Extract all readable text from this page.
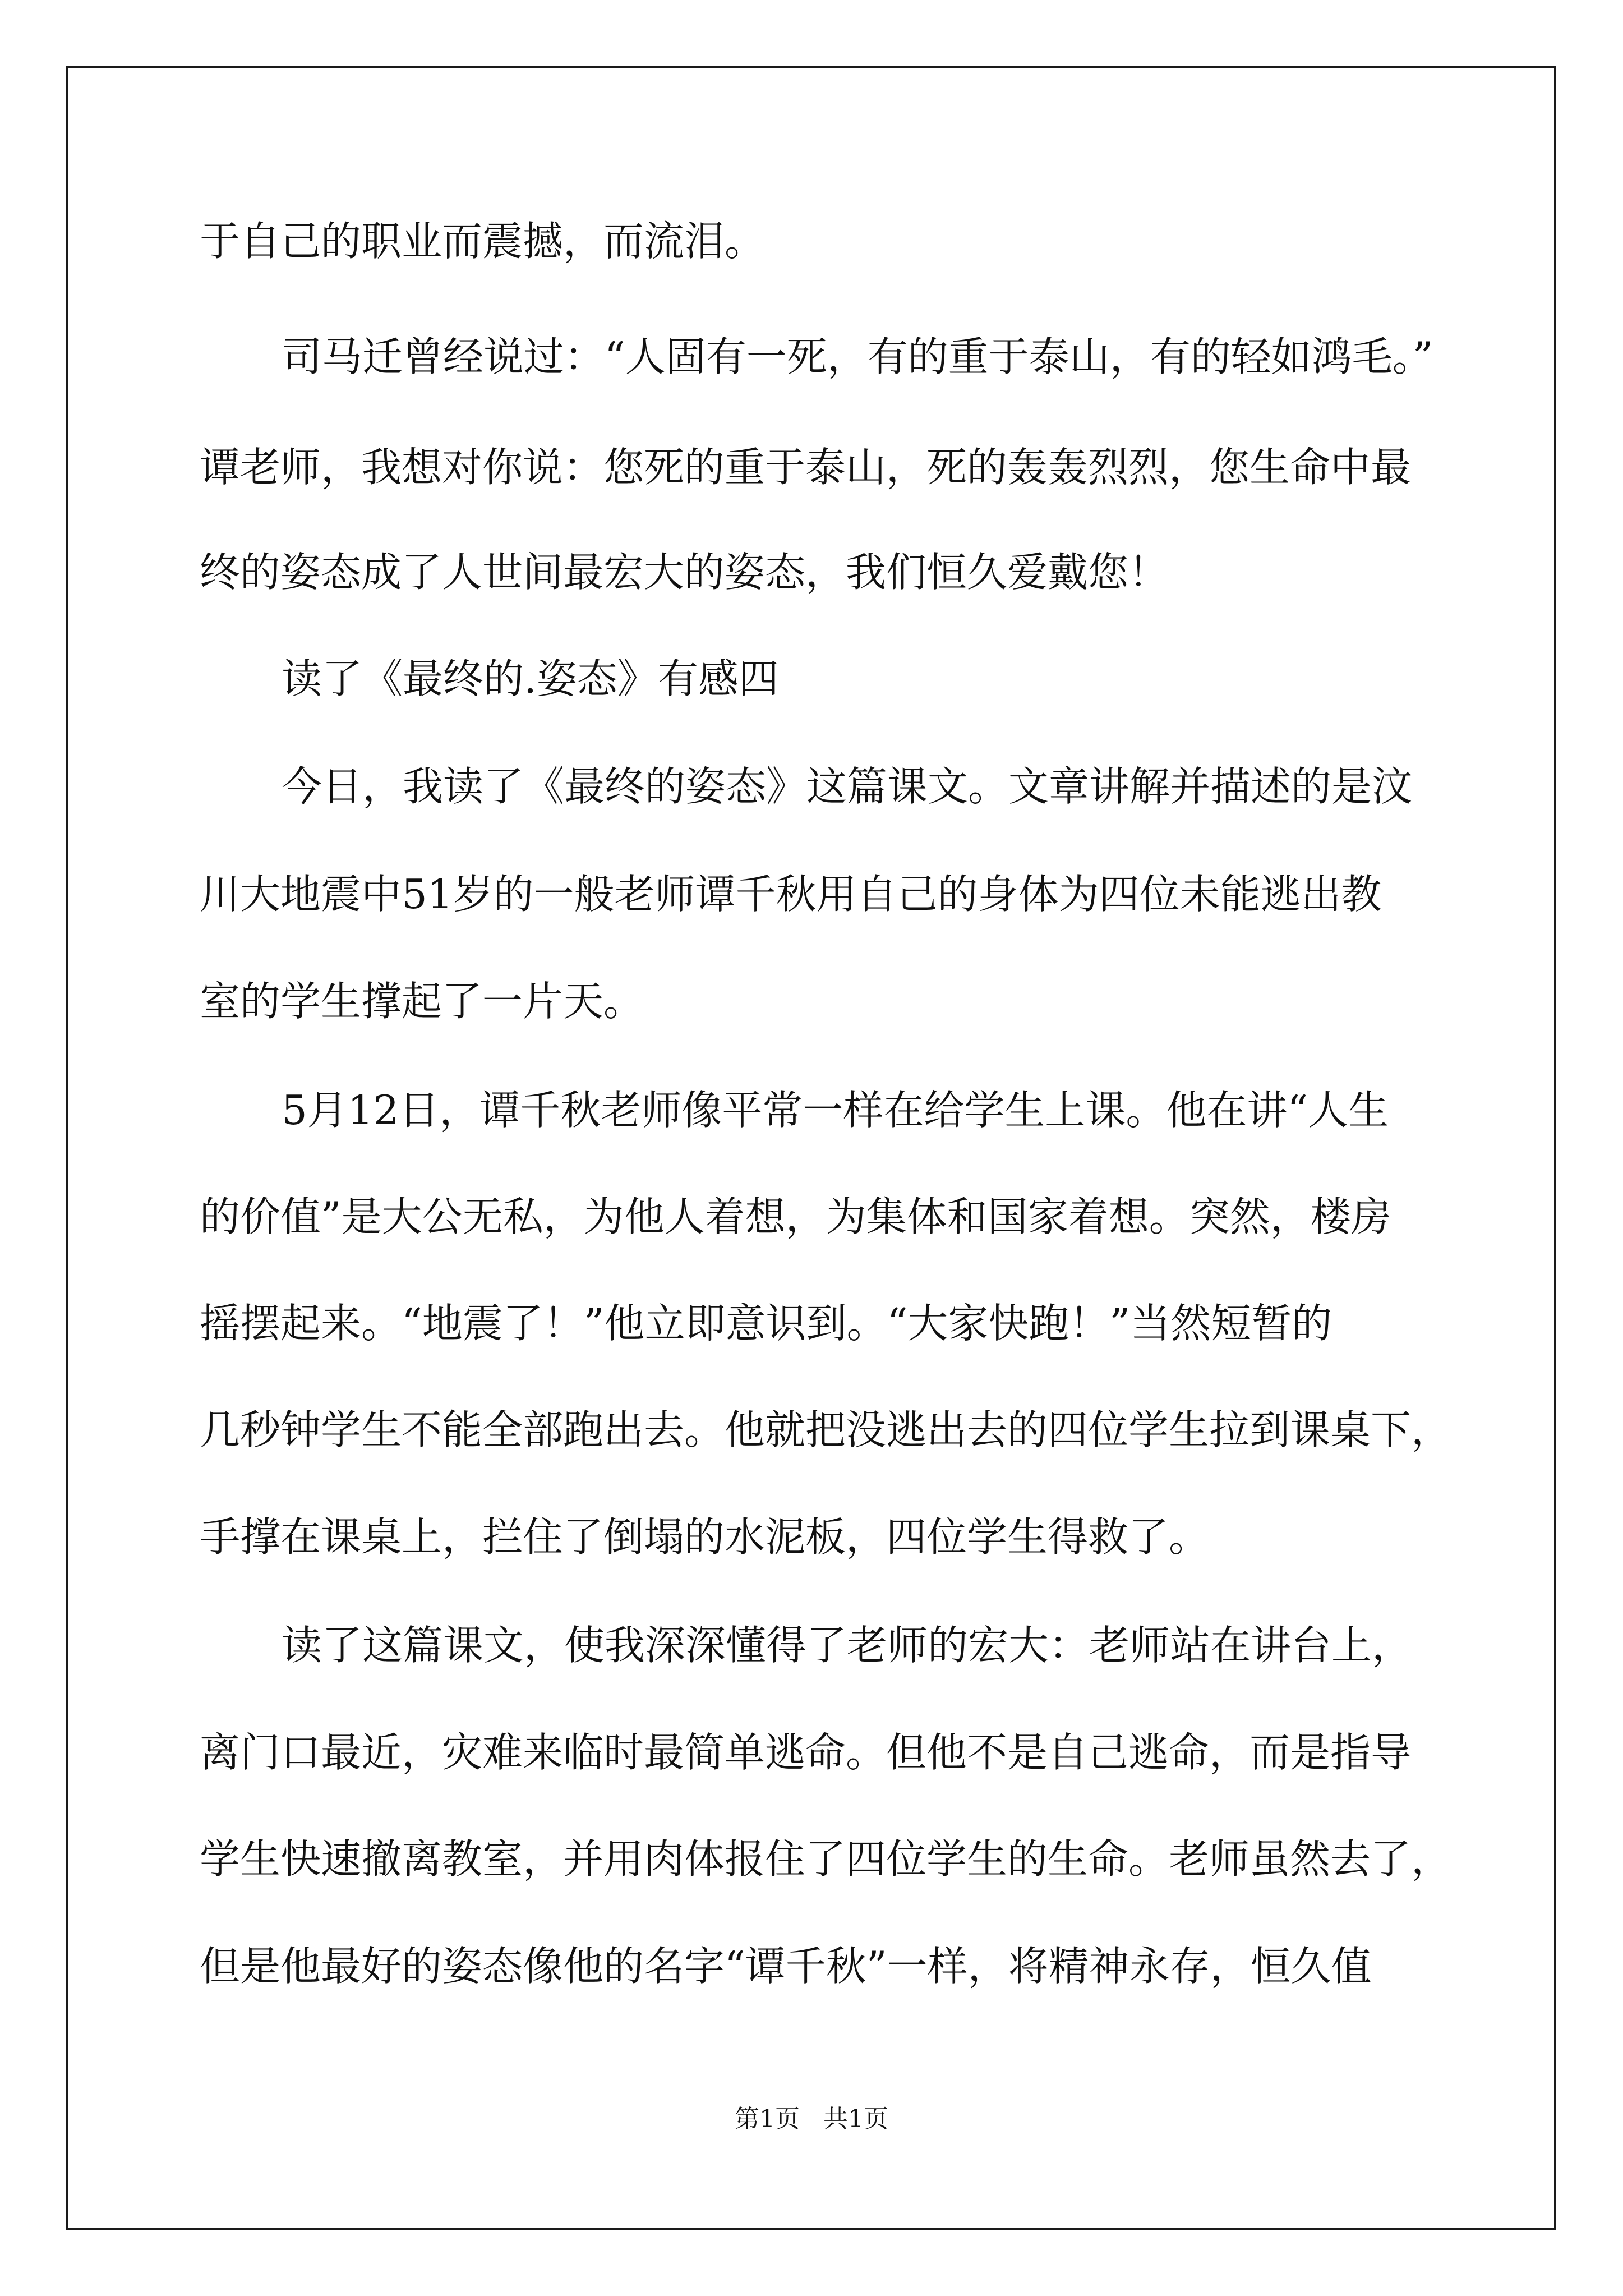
于自己的职业而震撼，而流泪。
司马迁曾经说过：“人固有一死，有的重于泰山，有的轻如鸿毛。”
谭老师，我想对你说：您死的重于泰山，死的轰轰烈烈，您生命中最
终的姿态成了人世间最宏大的姿态，我们恒久爱戴您！
读了《最终的.姿态》有感四
今日，我读了《最终的姿态》这篇课文。文章讲解并描述的是汶
川大地震中51岁的一般老师谭千秋用自己的身体为四位未能逃出教
室的学生撑起了一片天。
5月12日，谭千秋老师像平常一样在给学生上课。他在讲“人生
的价值”是大公无私，为他人着想，为集体和国家着想。突然，楼房
摇摆起来。“地震了！”他立即意识到。“大家快跑！”当然短暂的
几秒钟学生不能全部跑出去。他就把没逃出去的四位学生拉到课桌下，
手撑在课桌上，拦住了倒塌的水泥板，四位学生得救了。
读了这篇课文，使我深深懂得了老师的宏大：老师站在讲台上，
离门口最近，灾难来临时最简单逃命。但他不是自己逃命，而是指导
学生快速撤离教室，并用肉体报住了四位学生的生命。老师虽然去了，
但是他最好的姿态像他的名字“谭千秋”一样，将精神永存，恒久值
第1页 共1页
